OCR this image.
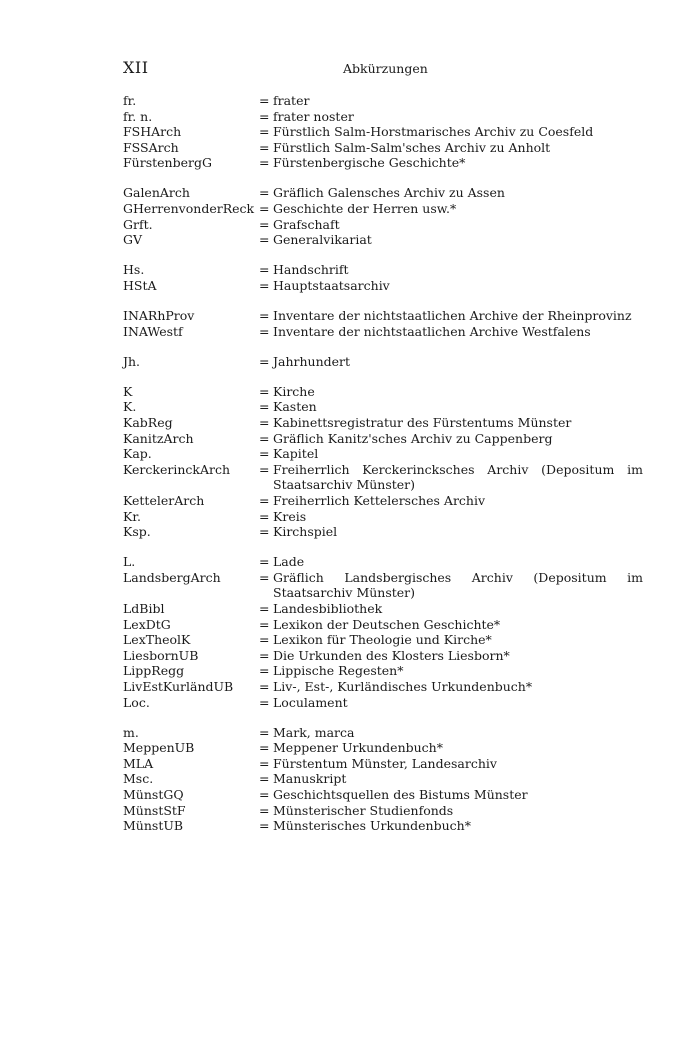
XII	Abkürzungen
fr.	= frater
fr. n.	= frater noster
FSHArch	= Fürstlich Salm-Horstmarisches Archiv zu Coesfeld
FSSArch	= Fürstlich Salm-Salm'sches Archiv zu Anholt
FürstenbergG	= Fürstenbergische Geschichte*
GalenArch	= Gräflich Galensches Archiv zu Assen
GHerrenvonderReck = Geschichte der Herren usw.*
Grft.	= Grafschaft
GV	= Generalvikariat
Hs.	= Handschrift
HStA	= Hauptstaatsarchiv
INARhProv	= Inventare der nichtstaatlichen Archive der Rheinprovinz
INAWestf	= Inventare der nichtstaatlichen Archive Westfalens
Jh.	= Jahrhundert
K	= Kirche
K.	= Kasten
KabReg	= Kabinettsregistratur des Fürstentums Münster
KanitzArch	= Gräflich Kanitz'sches Archiv zu Cappenberg
Kap.	= Kapitel
KerckerinckArch	= Freiherrlich Kerckerincksches Archiv (Depositum im Staatsarchiv Münster)
KettelerArch	= Freiherrlich Kettelersches Archiv
Kr.	= Kreis
Ksp.	= Kirchspiel
L.	= Lade
LandsbergArch	= Gräflich Landsbergisches Archiv (Depositum im Staatsarchiv Münster)
LdBibl	= Landesbibliothek
LexDtG	= Lexikon der Deutschen Geschichte*
LexTheolK	= Lexikon für Theologie und Kirche*
LiesbornUB	= Die Urkunden des Klosters Liesborn*
LippRegg	= Lippische Regesten*
LivEstKurländUB	= Liv-, Est-, Kurländisches Urkundenbuch*
Loc.	= Loculament
m.	= Mark, marca
MeppenUB	= Meppener Urkundenbuch*
MLA	= Fürstentum Münster, Landesarchiv
Msc.	= Manuskript
MünstGQ	= Geschichtsquellen des Bistums Münster
MünstStF	= Münsterischer Studienfonds
MünstUB	= Münsterisches Urkundenbuch*
